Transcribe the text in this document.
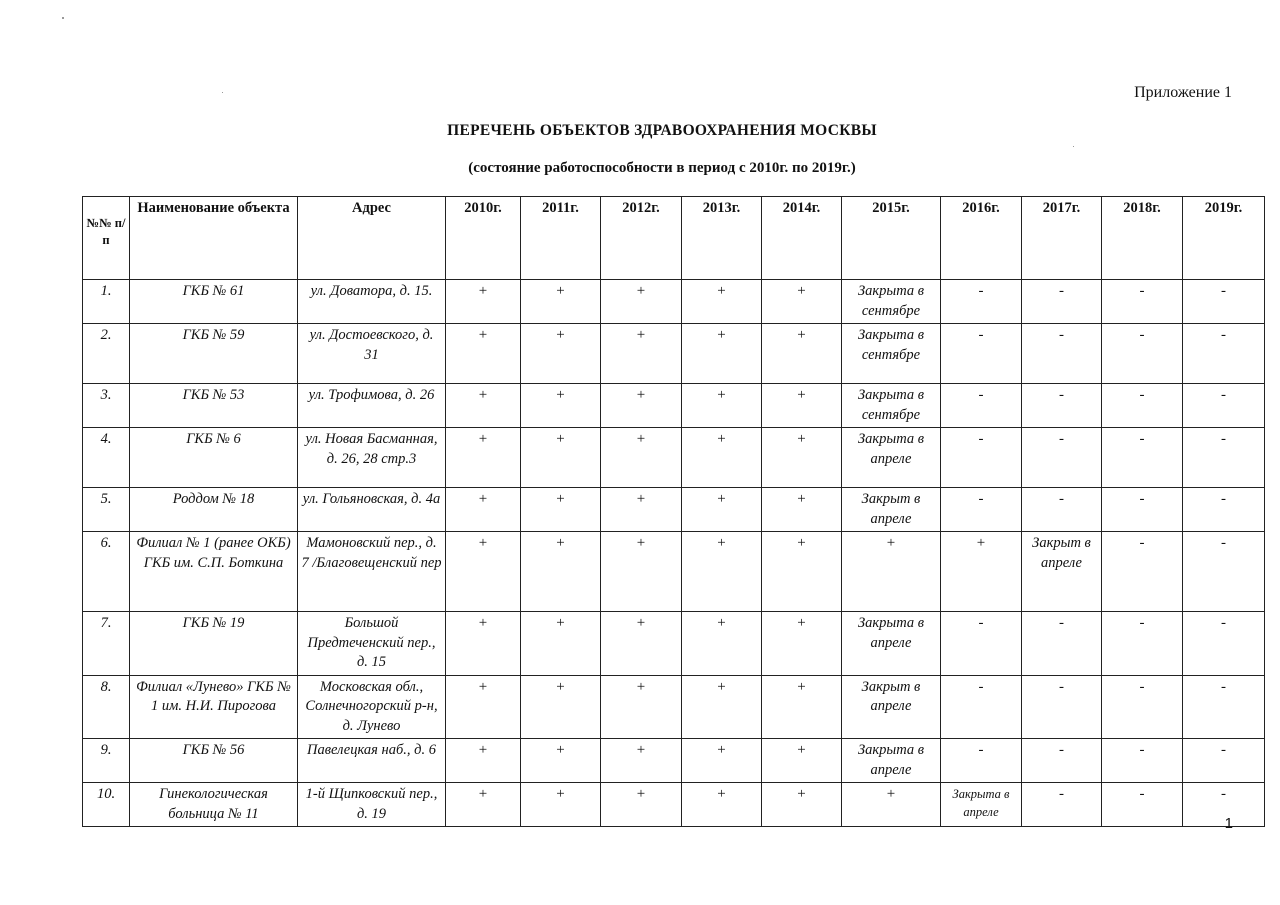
Приложение 1
ПЕРЕЧЕНЬ ОБЪЕКТОВ ЗДРАВООХРАНЕНИЯ МОСКВЫ
(состояние работоспособности в период с 2010г. по 2019г.)
№№ п/п	Наименование объекта	Адрес	2010г.	2011г.	2012г.	2013г.	2014г.	2015г.	2016г.	2017г.	2018г.	2019г.
1.	ГКБ № 61	ул. Доватора, д. 15.	+	+	+	+	+	Закрыта в сентябре	-	-	-	-
2.	ГКБ № 59	ул. Достоевского, д. 31	+	+	+	+	+	Закрыта в сентябре	-	-	-	-
3.	ГКБ № 53	ул. Трофимова, д. 26	+	+	+	+	+	Закрыта в сентябре	-	-	-	-
4.	ГКБ № 6	ул. Новая Басманная, д. 26, 28 стр.3	+	+	+	+	+	Закрыта в апреле	-	-	-	-
5.	Роддом № 18	ул. Гольяновская, д. 4а	+	+	+	+	+	Закрыт в апреле	-	-	-	-
6.	Филиал № 1 (ранее ОКБ) ГКБ им. С.П. Боткина	Мамоновский пер., д. 7 /Благовещенский пер	+	+	+	+	+	+	+	Закрыт в апреле	-	-
7.	ГКБ № 19	Большой Предтеченский пер., д. 15	+	+	+	+	+	Закрыта в апреле	-	-	-	-
8.	Филиал «Лунево» ГКБ № 1 им. Н.И. Пирогова	Московская обл., Солнечногорский р-н, д. Лунево	+	+	+	+	+	Закрыт в апреле	-	-	-	-
9.	ГКБ № 56	Павелецкая наб., д. 6	+	+	+	+	+	Закрыта в апреле	-	-	-	-
10.	Гинекологическая больница № 11	1-й Щипковский пер., д. 19	+	+	+	+	+	+	Закрыта в апреле	-	-	-
1
